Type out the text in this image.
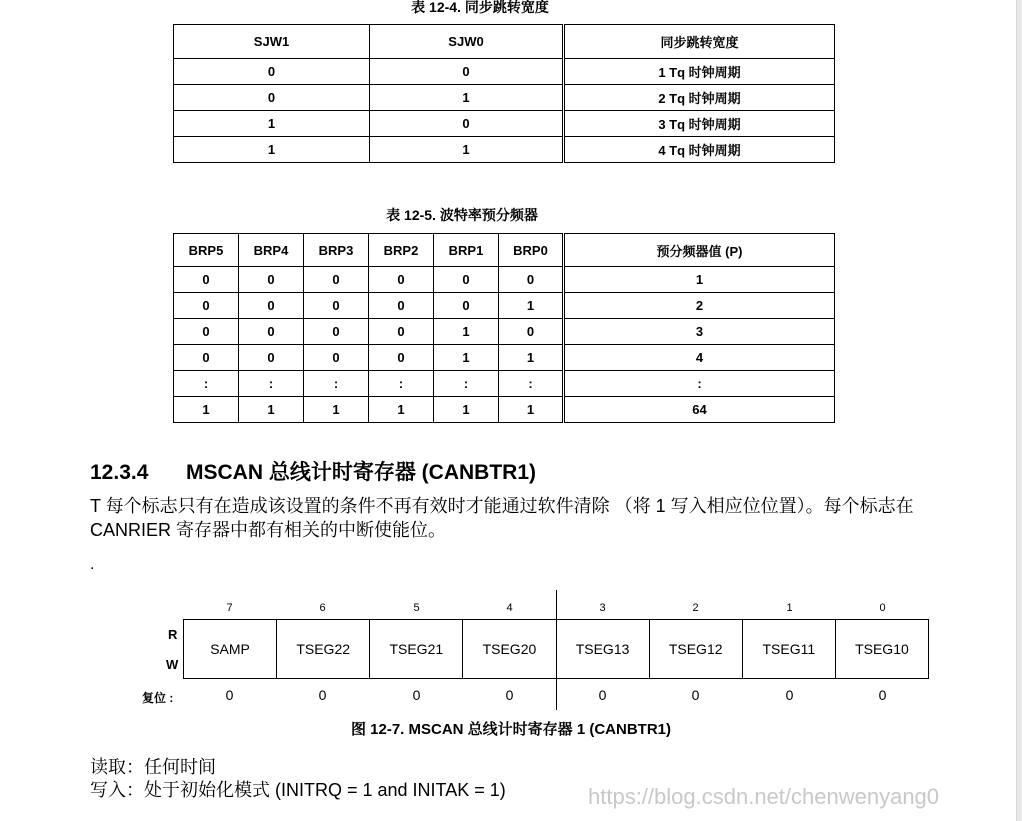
表 12-4. 同步跳转宽度
SJW1	SJW0	同步跳转宽度
0	0	1 Tq 时钟周期
0	1	2 Tq 时钟周期
1	0	3 Tq 时钟周期
1	1	4 Tq 时钟周期
表 12-5. 波特率预分频器
BRP5	BRP4	BRP3	BRP2	BRP1	BRP0	预分频器值 (P)
0	0	0	0	0	0	1
0	0	0	0	0	1	2
0	0	0	0	1	0	3
0	0	0	0	1	1	4
:	:	:	:	:	:	:
1	1	1	1	1	1	64
12.3.4 MSCAN 总线计时寄存器 (CANBTR1)
T 每个标志只有在造成该设置的条件不再有效时才能通过软件清除 （将 1 写入相应位位置）。每个标志在 CANRIER 寄存器中都有相关的中断使能位。
.
7	6	5	4	3	2	1	0
R
W
SAMP	TSEG22	TSEG21	TSEG20	TSEG13	TSEG12	TSEG11	TSEG10
复位 :	0	0	0	0	0	0	0	0
图 12-7. MSCAN 总线计时寄存器 1 (CANBTR1)
读取：任何时间
写入：处于初始化模式 (INITRQ = 1 and INITAK = 1)	https://blog.csdn.net/chenwenyang0
